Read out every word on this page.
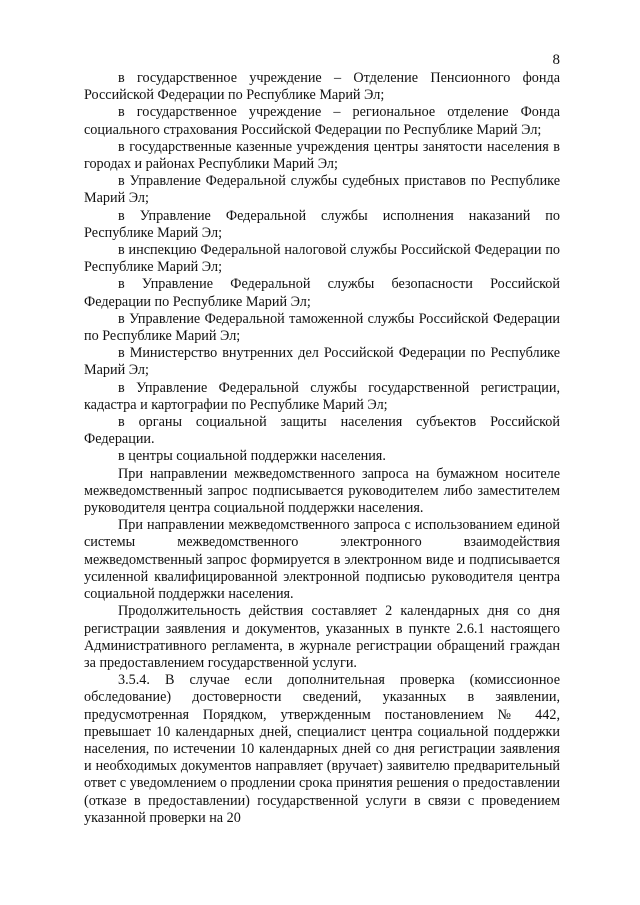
8

в государственное учреждение – Отделение Пенсионного фонда Российской Федерации по Республике Марий Эл;

в государственное учреждение – региональное отделение Фонда социального страхования Российской Федерации по Республике Марий Эл;

в государственные казенные учреждения центры занятости населения в городах и районах Республики Марий Эл;

в Управление Федеральной службы судебных приставов по Республике Марий Эл;

в Управление Федеральной службы исполнения наказаний по Республике Марий Эл;

в инспекцию Федеральной налоговой службы Российской Федерации по Республике Марий Эл;

в Управление Федеральной службы безопасности Российской Федерации по Республике Марий Эл;

в Управление Федеральной таможенной службы Российской Федерации по Республике Марий Эл;

в Министерство внутренних дел Российской Федерации по Республике Марий Эл;

в Управление Федеральной службы государственной регистрации, кадастра и картографии по Республике Марий Эл;

в органы социальной защиты населения субъектов Российской Федерации.

в центры социальной поддержки населения.

При направлении межведомственного запроса на бумажном носителе межведомственный запрос подписывается руководителем либо заместителем руководителя центра социальной поддержки населения.

При направлении межведомственного запроса с использованием единой системы межведомственного электронного взаимодействия межведомственный запрос формируется в электронном виде и подписывается усиленной квалифицированной электронной подписью руководителя центра социальной поддержки населения.

Продолжительность действия составляет 2 календарных дня со дня регистрации заявления и документов, указанных в пункте 2.6.1 настоящего Административного регламента, в журнале регистрации обращений граждан за предоставлением государственной услуги.

3.5.4. В случае если дополнительная проверка (комиссионное обследование) достоверности сведений, указанных в заявлении, предусмотренная Порядком, утвержденным постановлением № 442, превышает 10 календарных дней, специалист центра социальной поддержки населения, по истечении 10 календарных дней со дня регистрации заявления и необходимых документов направляет (вручает) заявителю предварительный ответ с уведомлением о продлении срока принятия решения о предоставлении (отказе в предоставлении) государственной услуги в связи с проведением указанной проверки на 20
